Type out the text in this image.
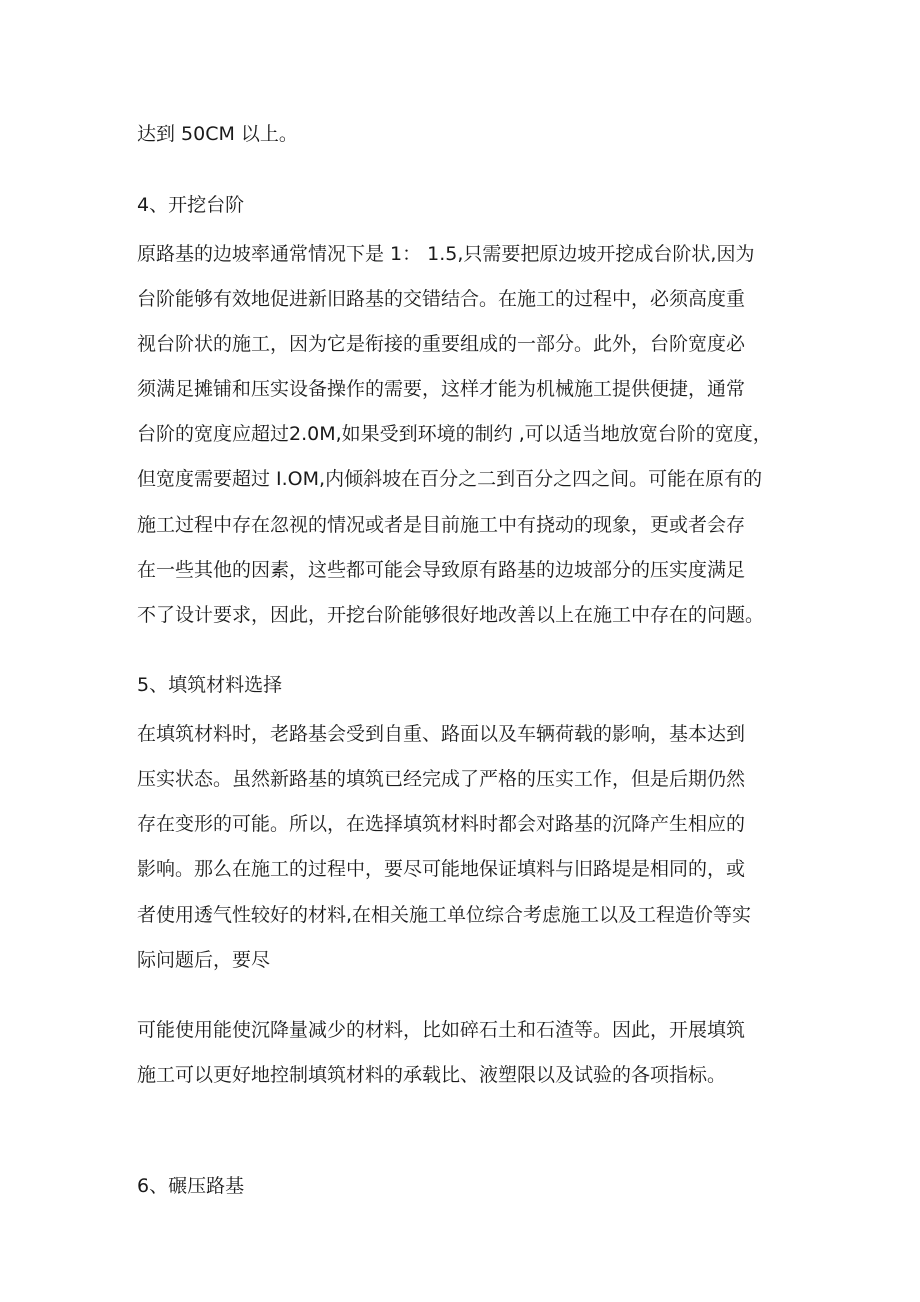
达到 50CM 以上。
4、开挖台阶
原路基的边坡率通常情况下是 1： 1.5,只需要把原边坡开挖成台阶状,因为
台阶能够有效地促进新旧路基的交错结合。在施工的过程中，必须高度重
视台阶状的施工，因为它是衔接的重要组成的一部分。此外，台阶宽度必
须满足摊铺和压实设备操作的需要，这样才能为机械施工提供便捷，通常
台阶的宽度应超过2.0M,如果受到环境的制约 ,可以适当地放宽台阶的宽度，
但宽度需要超过 I.OM,内倾斜坡在百分之二到百分之四之间。可能在原有的
施工过程中存在忽视的情况或者是目前施工中有挠动的现象，更或者会存
在一些其他的因素，这些都可能会导致原有路基的边坡部分的压实度满足
不了设计要求，因此，开挖台阶能够很好地改善以上在施工中存在的问题。
5、填筑材料选择
在填筑材料时，老路基会受到自重、路面以及车辆荷载的影响，基本达到
压实状态。虽然新路基的填筑已经完成了严格的压实工作，但是后期仍然
存在变形的可能。所以，在选择填筑材料时都会对路基的沉降产生相应的
影响。那么在施工的过程中，要尽可能地保证填料与旧路堤是相同的，或
者使用透气性较好的材料,在相关施工单位综合考虑施工以及工程造价等实
际问题后，要尽
可能使用能使沉降量减少的材料，比如碎石土和石渣等。因此，开展填筑
施工可以更好地控制填筑材料的承载比、液塑限以及试验的各项指标。
6、碾压路基
